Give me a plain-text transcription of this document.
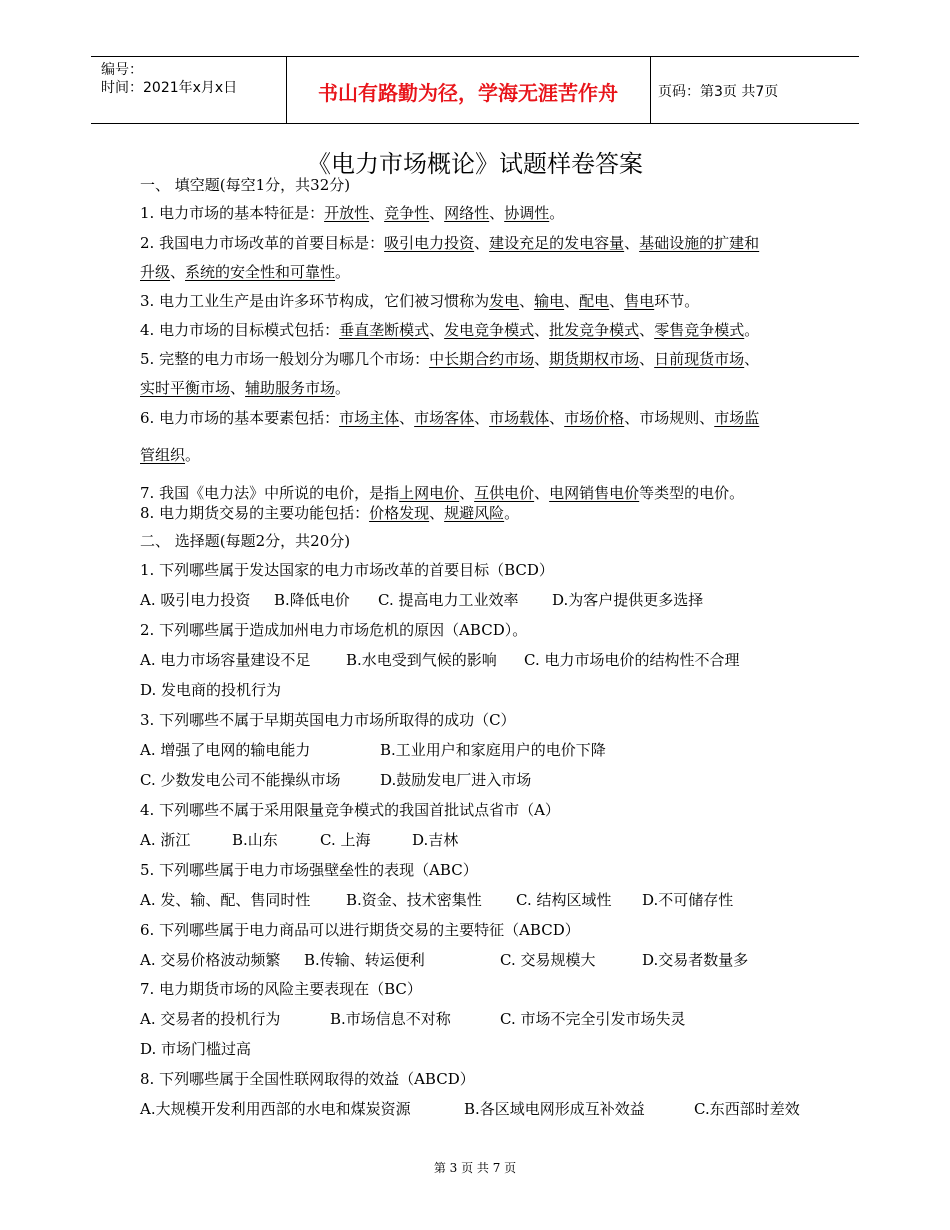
编号：
时间：2021年x月x日	书山有路勤为径，学海无涯苦作舟	页码：第3页 共7页
《电力市场概论》试题样卷答案
一、 填空题(每空1分，共32分)
1. 电力市场的基本特征是：开放性、竞争性、网络性、协调性。
2. 我国电力市场改革的首要目标是：吸引电力投资、建设充足的发电容量、基础设施的扩建和
升级、系统的安全性和可靠性。
3. 电力工业生产是由许多环节构成，它们被习惯称为发电、输电、配电、售电环节。
4. 电力市场的目标模式包括：垂直垄断模式、发电竞争模式、批发竞争模式、零售竞争模式。
5. 完整的电力市场一般划分为哪几个市场：中长期合约市场、期货期权市场、日前现货市场、
实时平衡市场、辅助服务市场。
6. 电力市场的基本要素包括：市场主体、市场客体、市场载体、市场价格、市场规则、市场监
管组织。
7. 我国《电力法》中所说的电价，是指上网电价、互供电价、电网销售电价等类型的电价。
8. 电力期货交易的主要功能包括：价格发现、规避风险。
二、 选择题(每题2分，共20分)
1. 下列哪些属于发达国家的电力市场改革的首要目标（BCD）
A. 吸引电力投资 B.降低电价 C. 提高电力工业效率 D.为客户提供更多选择
2. 下列哪些属于造成加州电力市场危机的原因（ABCD）。
A. 电力市场容量建设不足 B.水电受到气候的影响 C. 电力市场电价的结构性不合理
D. 发电商的投机行为
3. 下列哪些不属于早期英国电力市场所取得的成功（C）
A. 增强了电网的输电能力	B.工业用户和家庭用户的电价下降
C. 少数发电公司不能操纵市场	D.鼓励发电厂进入市场
4. 下列哪些不属于采用限量竞争模式的我国首批试点省市（A）
A. 浙江	B.山东	C. 上海	D.吉林
5. 下列哪些属于电力市场强壁垒性的表现（ABC）
A. 发、输、配、售同时性 B.资金、技术密集性 C. 结构区域性 D.不可储存性
6. 下列哪些属于电力商品可以进行期货交易的主要特征（ABCD）
A. 交易价格波动频繁 B.传输、转运便利	C. 交易规模大	D.交易者数量多
7. 电力期货市场的风险主要表现在（BC）
A. 交易者的投机行为	B.市场信息不对称	C. 市场不完全引发市场失灵
D. 市场门槛过高
8. 下列哪些属于全国性联网取得的效益（ABCD）
A.大规模开发利用西部的水电和煤炭资源	B.各区域电网形成互补效益	C.东西部时差效
第 3 页 共 7 页
